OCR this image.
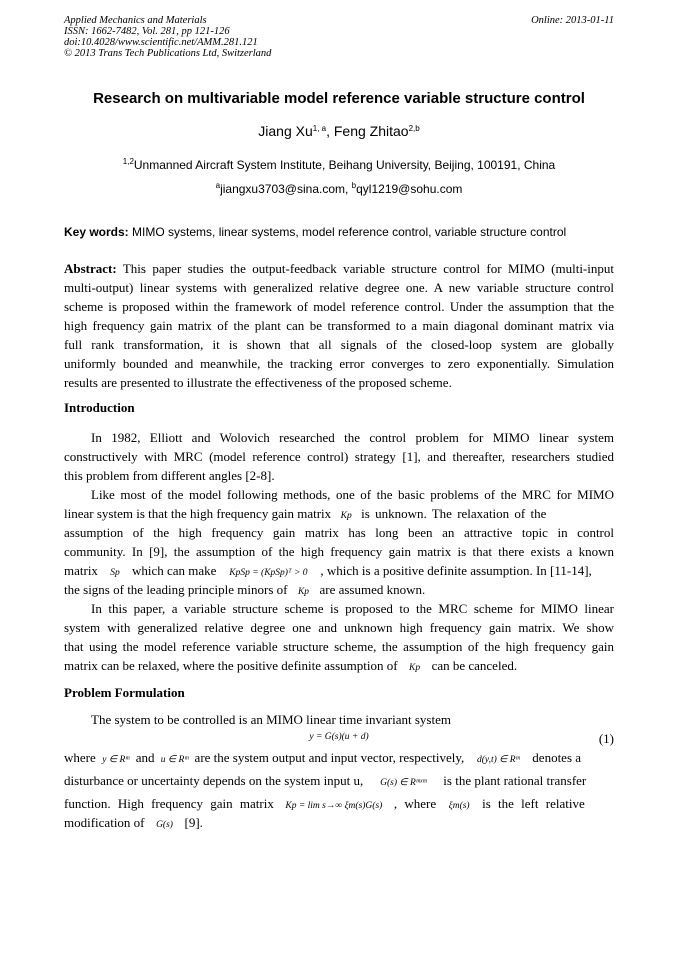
Applied Mechanics and Materials
ISSN: 1662-7482, Vol. 281, pp 121-126
doi:10.4028/www.scientific.net/AMM.281.121
© 2013 Trans Tech Publications Ltd, Switzerland
Online: 2013-01-11
Research on multivariable model reference variable structure control
Jiang Xu$^{1, a}$, Feng Zhitao$^{2,b}$
$^{1,2}$Unmanned Aircraft System Institute, Beihang University, Beijing, 100191, China
$^a$jiangxu3703@sina.com, $^b$qyl1219@sohu.com
Key words: MIMO systems, linear systems, model reference control, variable structure control
Abstract: This paper studies the output-feedback variable structure control for MIMO (multi-input
multi-output) linear systems with generalized relative degree one. A new variable structure control
scheme is proposed within the framework of model reference control. Under the assumption that the
high frequency gain matrix of the plant can be transformed to a main diagonal dominant matrix via
full rank transformation, it is shown that all signals of the closed-loop system are globally
uniformly bounded and meanwhile, the tracking error converges to zero exponentially. Simulation
results are presented to illustrate the effectiveness of the proposed scheme.
Introduction
In 1982, Elliott and Wolovich researched the control problem for MIMO linear system
constructively with MRC (model reference control) strategy [1], and thereafter, researchers studied
this problem from different angles [2-8].
Like most of the model following methods, one of the basic problems of the MRC for MIMO
linear system is that the high frequency gain matrix Kp is unknown. The relaxation of the
assumption of the high frequency gain matrix has long been an attractive topic in control
community. In [9], the assumption of the high frequency gain matrix is that there exists a known
matrix Sp which can make KpSp = (KpSp)ᵀ > 0 , which is a positive definite assumption. In [11-14],
the signs of the leading principle minors of Kp are assumed known.
In this paper, a variable structure scheme is proposed to the MRC scheme for MIMO linear
system with generalized relative degree one and unknown high frequency gain matrix. We show
that using the model reference variable structure scheme, the assumption of the high frequency gain
matrix can be relaxed, where the positive definite assumption of Kp can be canceled.
Problem Formulation
The system to be controlled is an MIMO linear time invariant system
y = G(s)(u + d)	(1)
where y ∈ Rᵐ and u ∈ Rᵐ are the system output and input vector, respectively, d(y,t) ∈ Rᵐ denotes a
disturbance or uncertainty depends on the system input u, G(s) ∈ Rᵐˣᵐ is the plant rational transfer
function. High frequency gain matrix Kp = lim s→∞ ξm(s)G(s) , where ξm(s) is the left relative
modification of G(s) [9].
